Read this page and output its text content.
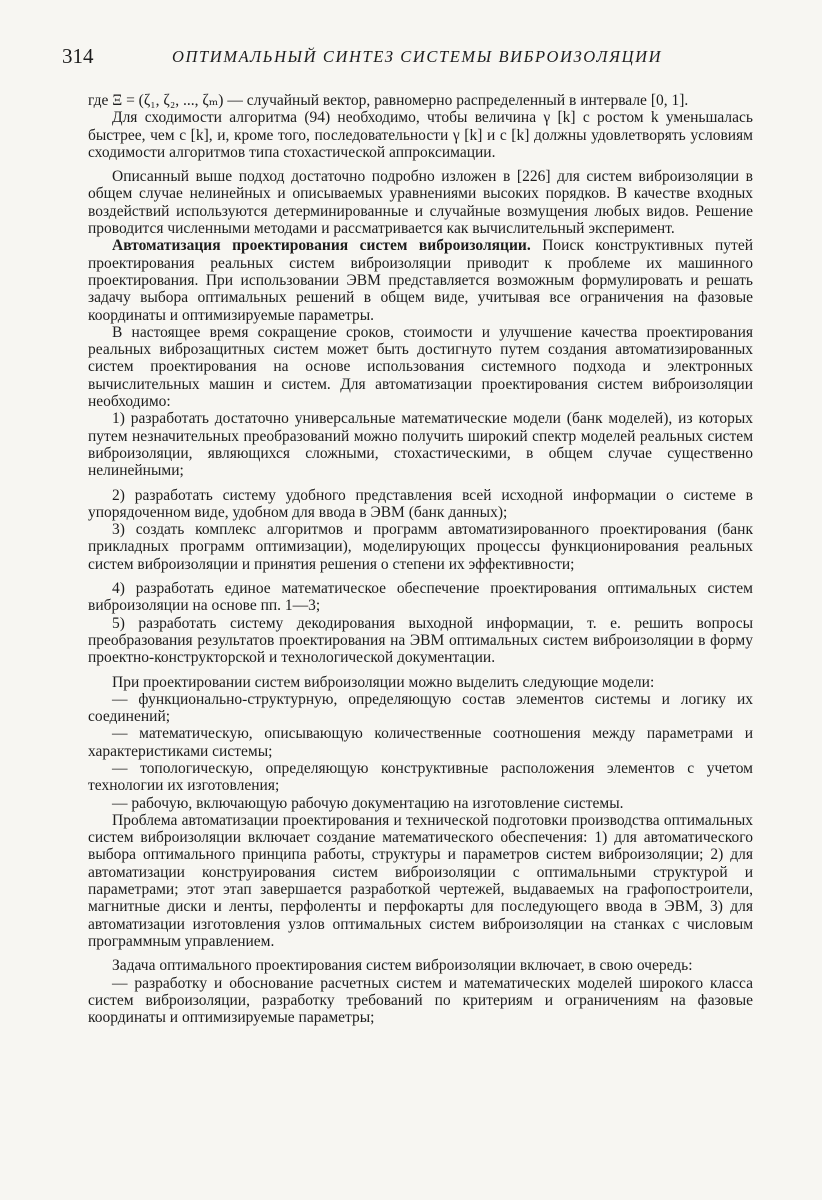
314	ОПТИМАЛЬНЫЙ СИНТЕЗ СИСТЕМЫ ВИБРОИЗОЛЯЦИИ

где Ξ = (ζ₁, ζ₂, ..., ζₘ) — случайный вектор, равномерно распределенный в интервале [0, 1].

Для сходимости алгоритма (94) необходимо, чтобы величина γ [k] с ростом k уменьшалась быстрее, чем c [k], и, кроме того, последовательности γ [k] и c [k] должны удовлетворять условиям сходимости алгоритмов типа стохастической аппроксимации.

Описанный выше подход достаточно подробно изложен в [226] для систем виброизоляции в общем случае нелинейных и описываемых уравнениями высоких порядков. В качестве входных воздействий используются детерминированные и случайные возмущения любых видов. Решение проводится численными методами и рассматривается как вычислительный эксперимент.

Автоматизация проектирования систем виброизоляции. Поиск конструктивных путей проектирования реальных систем виброизоляции приводит к проблеме их машинного проектирования. При использовании ЭВМ представляется возможным формулировать и решать задачу выбора оптимальных решений в общем виде, учитывая все ограничения на фазовые координаты и оптимизируемые параметры.

В настоящее время сокращение сроков, стоимости и улучшение качества проектирования реальных виброзащитных систем может быть достигнуто путем создания автоматизированных систем проектирования на основе использования системного подхода и электронных вычислительных машин и систем. Для автоматизации проектирования систем виброизоляции необходимо:

1) разработать достаточно универсальные математические модели (банк моделей), из которых путем незначительных преобразований можно получить широкий спектр моделей реальных систем виброизоляции, являющихся сложными, стохастическими, в общем случае существенно нелинейными;

2) разработать систему удобного представления всей исходной информации о системе в упорядоченном виде, удобном для ввода в ЭВМ (банк данных);

3) создать комплекс алгоритмов и программ автоматизированного проектирования (банк прикладных программ оптимизации), моделирующих процессы функционирования реальных систем виброизоляции и принятия решения о степени их эффективности;

4) разработать единое математическое обеспечение проектирования оптимальных систем виброизоляции на основе пп. 1—3;

5) разработать систему декодирования выходной информации, т. е. решить вопросы преобразования результатов проектирования на ЭВМ оптимальных систем виброизоляции в форму проектно-конструкторской и технологической документации.

При проектировании систем виброизоляции можно выделить следующие модели:

— функционально-структурную, определяющую состав элементов системы и логику их соединений;

— математическую, описывающую количественные соотношения между параметрами и характеристиками системы;

— топологическую, определяющую конструктивные расположения элементов с учетом технологии их изготовления;

— рабочую, включающую рабочую документацию на изготовление системы.

Проблема автоматизации проектирования и технической подготовки производства оптимальных систем виброизоляции включает создание математического обеспечения: 1) для автоматического выбора оптимального принципа работы, структуры и параметров систем виброизоляции; 2) для автоматизации конструирования систем виброизоляции с оптимальными структурой и параметрами; этот этап завершается разработкой чертежей, выдаваемых на графопостроители, магнитные диски и ленты, перфоленты и перфокарты для последующего ввода в ЭВМ, 3) для автоматизации изготовления узлов оптимальных систем виброизоляции на станках с числовым программным управлением.

Задача оптимального проектирования систем виброизоляции включает, в свою очередь:

— разработку и обоснование расчетных систем и математических моделей широкого класса систем виброизоляции, разработку требований по критериям и ограничениям на фазовые координаты и оптимизируемые параметры;
